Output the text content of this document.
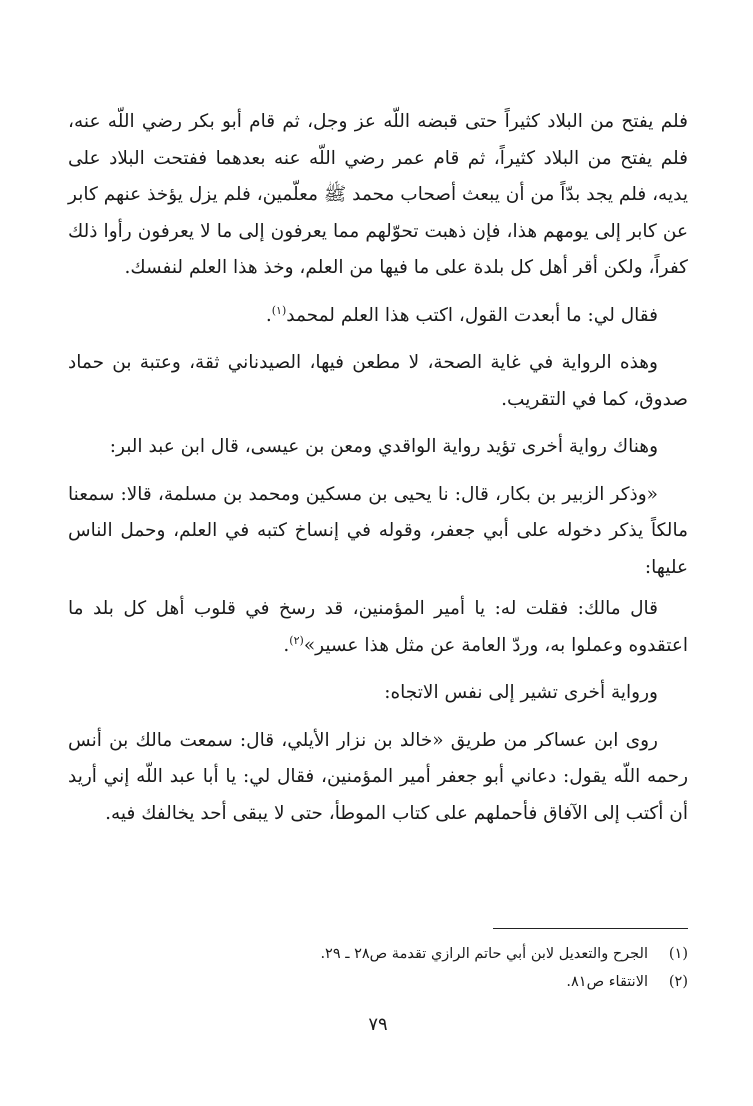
فلم يفتح من البلاد كثيراً حتى قبضه اللّه عز وجل، ثم قام أبو بكر رضي اللّه عنه، فلم يفتح من البلاد كثيراً، ثم قام عمر رضي اللّه عنه بعدهما ففتحت البلاد على يديه، فلم يجد بدّاً من أن يبعث أصحاب محمد ﷺ معلّمين، فلم يزل يؤخذ عنهم كابر عن كابر إلى يومهم هذا، فإن ذهبت تحوّلهم مما يعرفون إلى ما لا يعرفون رأوا ذلك كفراً، ولكن أقر أهل كل بلدة على ما فيها من العلم، وخذ هذا العلم لنفسك.

فقال لي: ما أبعدت القول، اكتب هذا العلم لمحمد$^{(١)}$.

وهذه الرواية في غاية الصحة، لا مطعن فيها، الصيدناني ثقة، وعتبة بن حماد صدوق، كما في التقريب.

وهناك رواية أخرى تؤيد رواية الواقدي ومعن بن عيسى، قال ابن عبد البر:

«وذكر الزبير بن بكار، قال: نا يحيى بن مسكين ومحمد بن مسلمة، قالا: سمعنا مالكاً يذكر دخوله على أبي جعفر، وقوله في إنساخ كتبه في العلم، وحمل الناس عليها:

قال مالك: فقلت له: يا أمير المؤمنين، قد رسخ في قلوب أهل كل بلد ما اعتقدوه وعملوا به، وردّ العامة عن مثل هذا عسير»$^{(٢)}$.

ورواية أخرى تشير إلى نفس الاتجاه:

روى ابن عساكر من طريق «خالد بن نزار الأيلي، قال: سمعت مالك بن أنس رحمه اللّه يقول: دعاني أبو جعفر أمير المؤمنين، فقال لي: يا أبا عبد اللّه إني أريد أن أكتب إلى الآفاق فأحملهم على كتاب الموطأ، حتى لا يبقى أحد يخالفك فيه.

(١)
الجرح والتعديل لابن أبي حاتم الرازي تقدمة ص٢٨ ـ ٢٩.
(٢)
الانتقاء ص٨١.
٧٩
